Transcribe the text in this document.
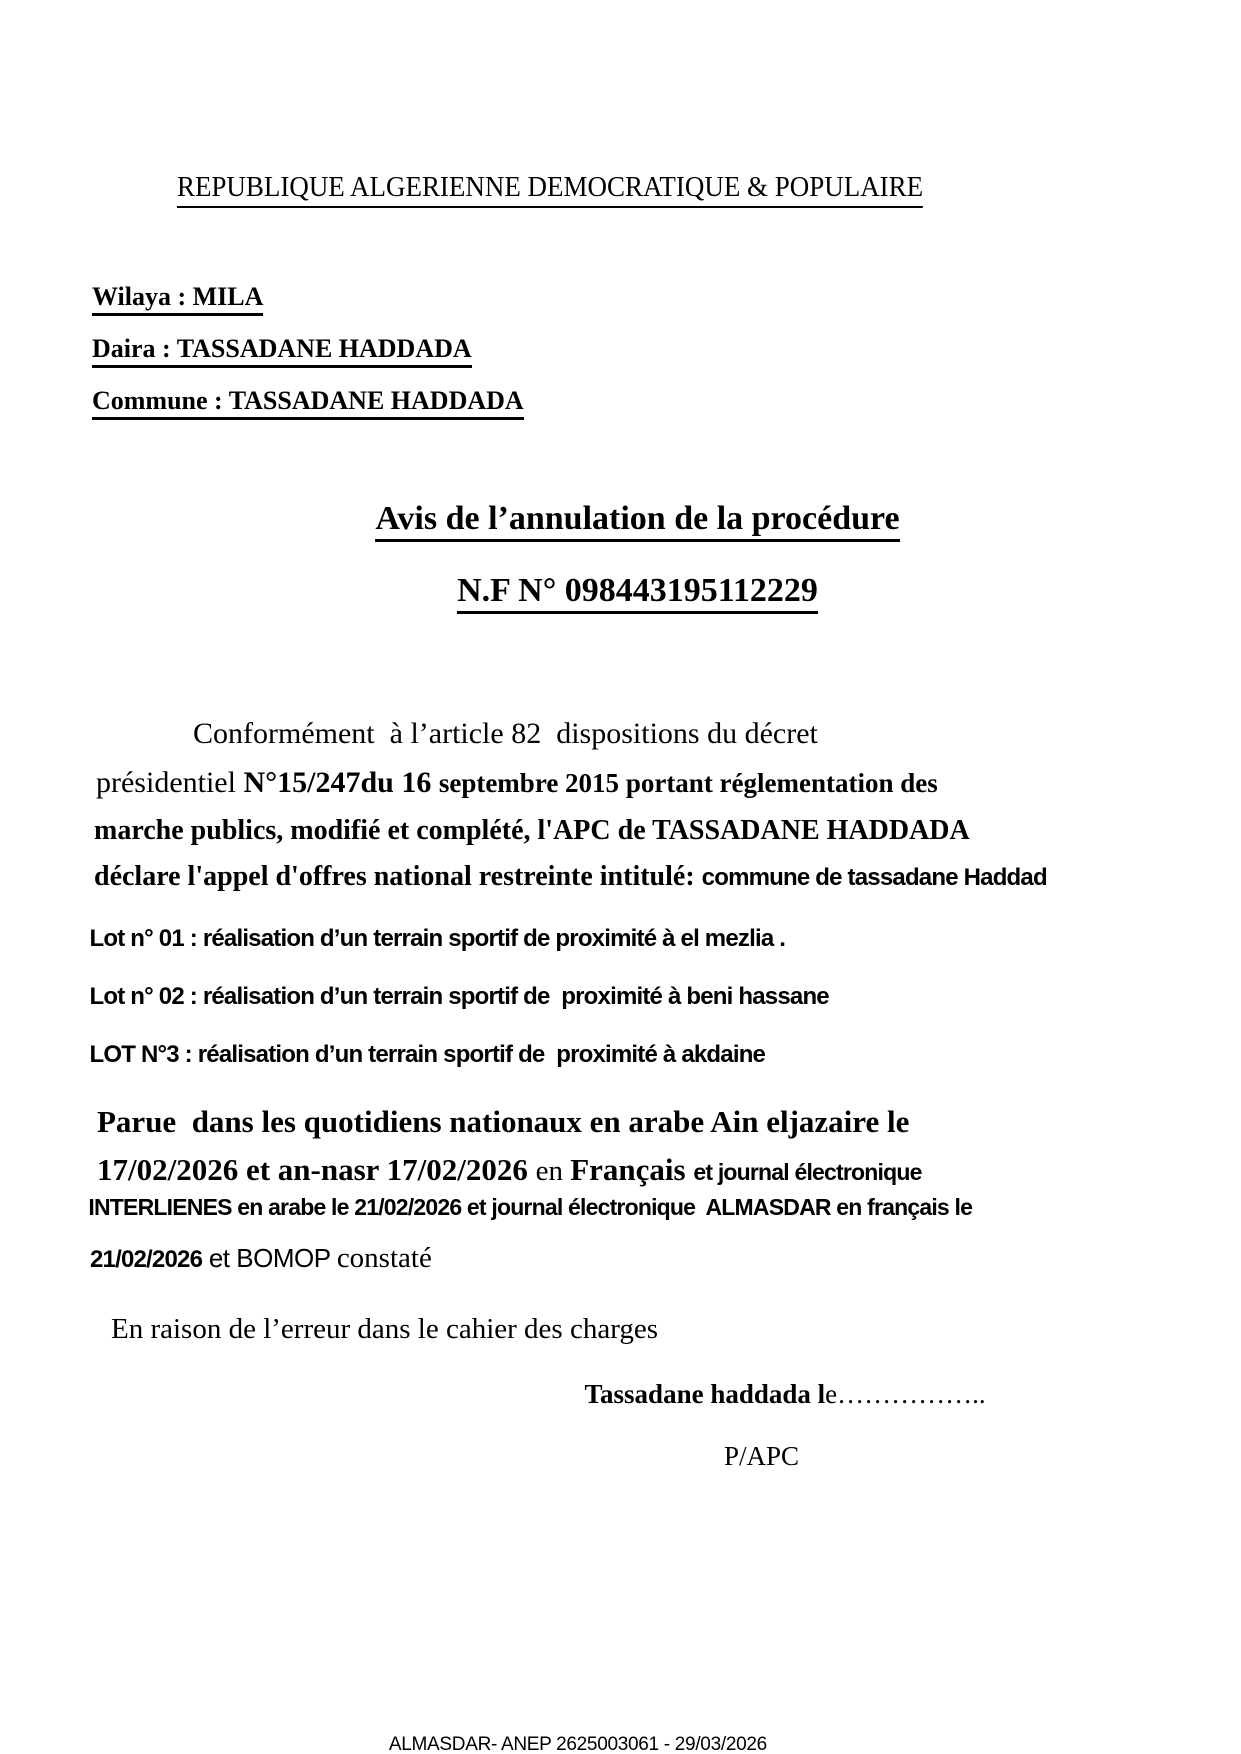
REPUBLIQUE ALGERIENNE DEMOCRATIQUE & POPULAIRE

Wilaya : MILA

Daira : TASSADANE HADDADA

Commune : TASSADANE HADDADA

Avis de l’annulation de la procédure

N.F N° 098443195112229

Conformément  à l’article 82  dispositions du décret

présidentiel N°15/247du 16 septembre 2015 portant réglementation des

marche publics, modifié et complété, l'APC de TASSADANE HADDADA

déclare l'appel d'offres national restreinte intitulé: commune de tassadane Haddad

Lot n° 01 : réalisation d’un terrain sportif de proximité à el mezlia .

Lot n° 02 : réalisation d’un terrain sportif de  proximité à beni hassane

LOT N°3 : réalisation d’un terrain sportif de  proximité à akdaine

Parue  dans les quotidiens nationaux en arabe Ain eljazaire le

17/02/2026 et an-nasr 17/02/2026 en Français et journal électronique

INTERLIENES en arabe le 21/02/2026 et journal électronique  ALMASDAR en français le

21/02/2026 et BOMOP constaté

En raison de l’erreur dans le cahier des charges

Tassadane haddada le……………..

P/APC

ALMASDAR- ANEP 2625003061 - 29/03/2026
